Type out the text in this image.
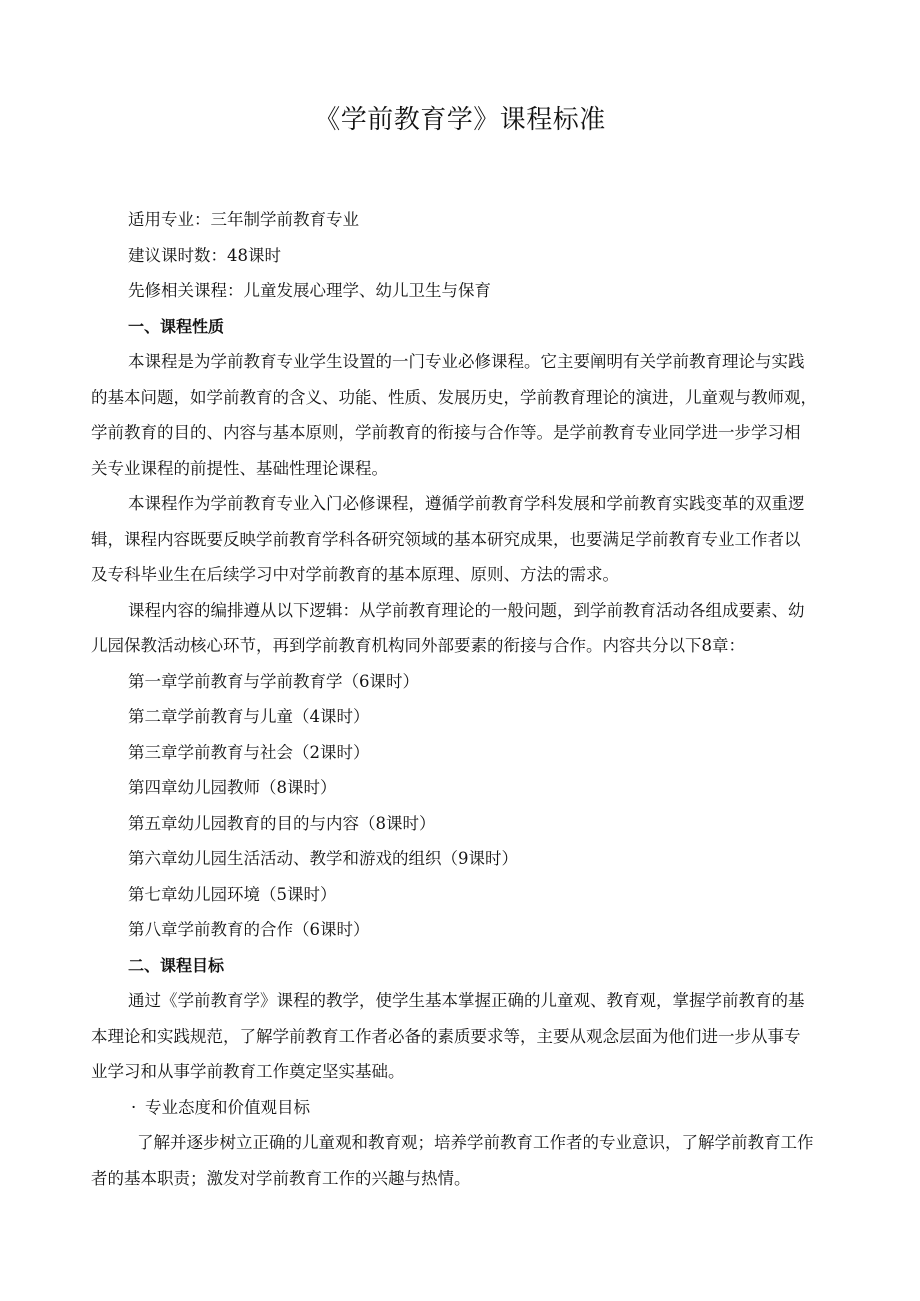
《学前教育学》课程标准

适用专业：三年制学前教育专业

建议课时数：48课时

先修相关课程：儿童发展心理学、幼儿卫生与保育

一、课程性质

本课程是为学前教育专业学生设置的一门专业必修课程。它主要阐明有关学前教育理论与实践

的基本问题，如学前教育的含义、功能、性质、发展历史，学前教育理论的演进，儿童观与教师观，

学前教育的目的、内容与基本原则，学前教育的衔接与合作等。是学前教育专业同学进一步学习相

关专业课程的前提性、基础性理论课程。

本课程作为学前教育专业入门必修课程，遵循学前教育学科发展和学前教育实践变革的双重逻

辑，课程内容既要反映学前教育学科各研究领域的基本研究成果，也要满足学前教育专业工作者以

及专科毕业生在后续学习中对学前教育的基本原理、原则、方法的需求。

课程内容的编排遵从以下逻辑：从学前教育理论的一般问题，到学前教育活动各组成要素、幼

儿园保教活动核心环节，再到学前教育机构同外部要素的衔接与合作。内容共分以下8章：

第一章学前教育与学前教育学（6课时）

第二章学前教育与儿童（4课时）

第三章学前教育与社会（2课时）

第四章幼儿园教师（8课时）

第五章幼儿园教育的目的与内容（8课时）

第六章幼儿园生活活动、教学和游戏的组织（9课时）

第七章幼儿园环境（5课时）

第八章学前教育的合作（6课时）

二、课程目标

通过《学前教育学》课程的教学，使学生基本掌握正确的儿童观、教育观，掌握学前教育的基

本理论和实践规范，了解学前教育工作者必备的素质要求等，主要从观念层面为他们进一步从事专

业学习和从事学前教育工作奠定坚实基础。

· 专业态度和价值观目标

了解并逐步树立正确的儿童观和教育观；培养学前教育工作者的专业意识，了解学前教育工作

者的基本职责；激发对学前教育工作的兴趣与热情。
